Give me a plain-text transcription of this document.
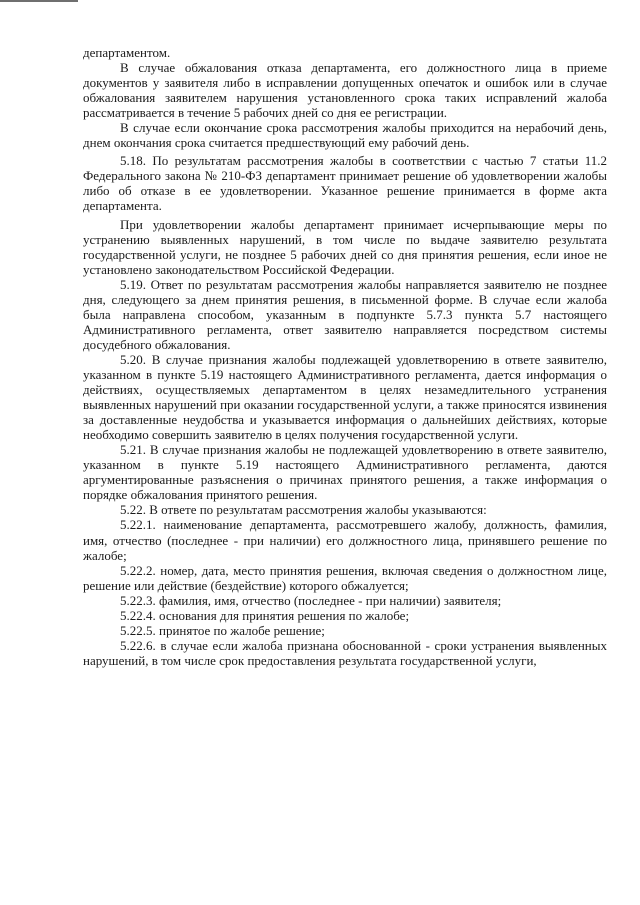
департаментом.

В случае обжалования отказа департамента, его должностного лица в приеме документов у заявителя либо в исправлении допущенных опечаток и ошибок или в случае обжалования заявителем нарушения установленного срока таких исправлений жалоба рассматривается в течение 5 рабочих дней со дня ее регистрации.

В случае если окончание срока рассмотрения жалобы приходится на нерабочий день, днем окончания срока считается предшествующий ему рабочий день.

5.18. По результатам рассмотрения жалобы в соответствии с частью 7 статьи 11.2 Федерального закона № 210-ФЗ департамент принимает решение об удовлетворении жалобы либо об отказе в ее удовлетворении. Указанное решение принимается в форме акта департамента.

При удовлетворении жалобы департамент принимает исчерпывающие меры по устранению выявленных нарушений, в том числе по выдаче заявителю результата государственной услуги, не позднее 5 рабочих дней со дня принятия решения, если иное не установлено законодательством Российской Федерации.

5.19. Ответ по результатам рассмотрения жалобы направляется заявителю не позднее дня, следующего за днем принятия решения, в письменной форме. В случае если жалоба была направлена способом, указанным в подпункте 5.7.3 пункта 5.7 настоящего Административного регламента, ответ заявителю направляется посредством системы досудебного обжалования.

5.20. В случае признания жалобы подлежащей удовлетворению в ответе заявителю, указанном в пункте 5.19 настоящего Административного регламента, дается информация о действиях, осуществляемых департаментом в целях незамедлительного устранения выявленных нарушений при оказании государственной услуги, а также приносятся извинения за доставленные неудобства и указывается информация о дальнейших действиях, которые необходимо совершить заявителю в целях получения государственной услуги.

5.21. В случае признания жалобы не подлежащей удовлетворению в ответе заявителю, указанном в пункте 5.19 настоящего Административного регламента, даются аргументированные разъяснения о причинах принятого решения, а также информация о порядке обжалования принятого решения.

5.22. В ответе по результатам рассмотрения жалобы указываются:

5.22.1. наименование департамента, рассмотревшего жалобу, должность, фамилия, имя, отчество (последнее - при наличии) его должностного лица, принявшего решение по жалобе;

5.22.2. номер, дата, место принятия решения, включая сведения о должностном лице, решение или действие (бездействие) которого обжалуется;

5.22.3. фамилия, имя, отчество (последнее - при наличии) заявителя;

5.22.4. основания для принятия решения по жалобе;

5.22.5. принятое по жалобе решение;

5.22.6. в случае если жалоба признана обоснованной - сроки устранения выявленных нарушений, в том числе срок предоставления результата государственной услуги,
